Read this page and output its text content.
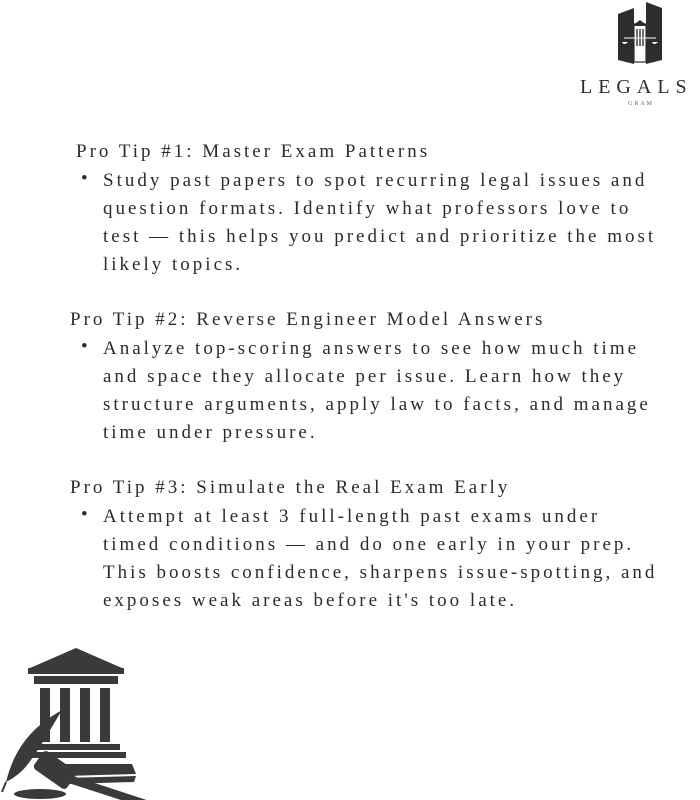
LEGALS
GRAM
Pro Tip #1: Master Exam Patterns
• Study past papers to spot recurring legal issues and question formats. Identify what professors love to test — this helps you predict and prioritize the most likely topics.
Pro Tip #2: Reverse Engineer Model Answers
• Analyze top-scoring answers to see how much time and space they allocate per issue. Learn how they structure arguments, apply law to facts, and manage time under pressure.
Pro Tip #3: Simulate the Real Exam Early
• Attempt at least 3 full-length past exams under timed conditions — and do one early in your prep. This boosts confidence, sharpens issue-spotting, and exposes weak areas before it's too late.
